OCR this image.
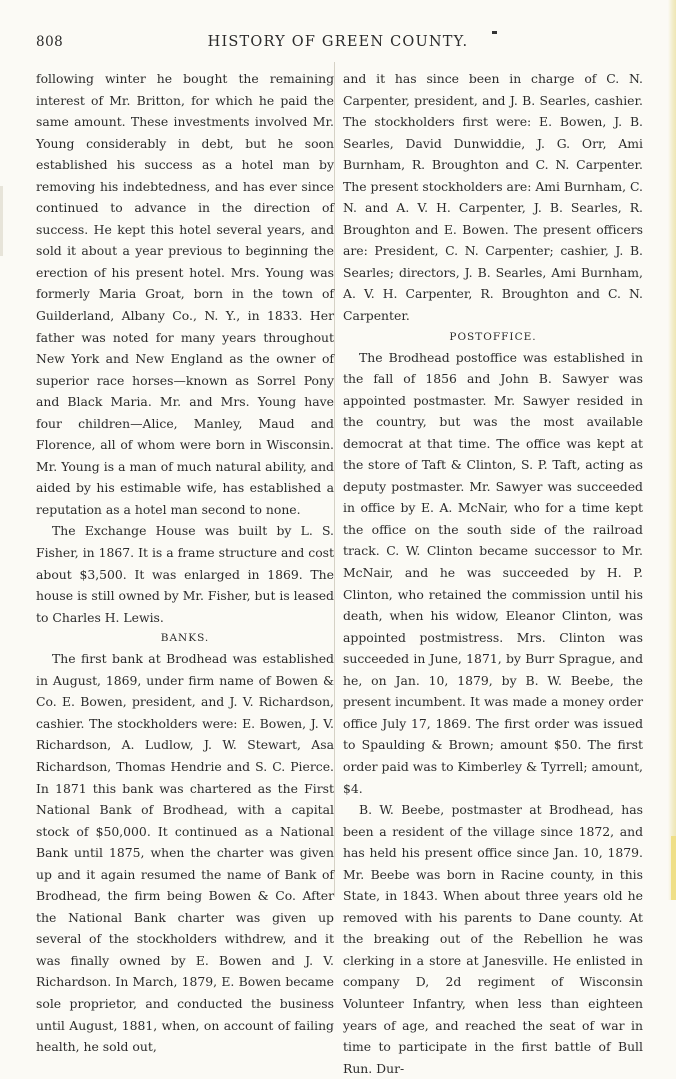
808	HISTORY OF GREEN COUNTY.

following winter he bought the remaining interest of Mr. Britton, for which he paid the same amount. These investments involved Mr. Young considerably in debt, but he soon established his success as a hotel man by removing his indebtedness, and has ever since continued to advance in the direction of success. He kept this hotel several years, and sold it about a year previous to beginning the erection of his present hotel. Mrs. Young was formerly Maria Groat, born in the town of Guilderland, Albany Co., N. Y., in 1833. Her father was noted for many years throughout New York and New England as the owner of superior race horses—known as Sorrel Pony and Black Maria. Mr. and Mrs. Young have four children—Alice, Manley, Maud and Florence, all of whom were born in Wisconsin. Mr. Young is a man of much natural ability, and aided by his estimable wife, has established a reputation as a hotel man second to none.

The Exchange House was built by L. S. Fisher, in 1867. It is a frame structure and cost about $3,500. It was enlarged in 1869. The house is still owned by Mr. Fisher, but is leased to Charles H. Lewis.

BANKS.

The first bank at Brodhead was established in August, 1869, under firm name of Bowen & Co. E. Bowen, president, and J. V. Richardson, cashier. The stockholders were: E. Bowen, J. V. Richardson, A. Ludlow, J. W. Stewart, Asa Richardson, Thomas Hendrie and S. C. Pierce. In 1871 this bank was chartered as the First National Bank of Brodhead, with a capital stock of $50,000. It continued as a National Bank until 1875, when the charter was given up and it again resumed the name of Bank of Brodhead, the firm being Bowen & Co. After the National Bank charter was given up several of the stockholders withdrew, and it was finally owned by E. Bowen and J. V. Richardson. In March, 1879, E. Bowen became sole proprietor, and conducted the business until August, 1881, when, on account of failing health, he sold out,

and it has since been in charge of C. N. Carpenter, president, and J. B. Searles, cashier. The stockholders first were: E. Bowen, J. B. Searles, David Dunwiddie, J. G. Orr, Ami Burnham, R. Broughton and C. N. Carpenter. The present stockholders are: Ami Burnham, C. N. and A. V. H. Carpenter, J. B. Searles, R. Broughton and E. Bowen. The present officers are: President, C. N. Carpenter; cashier, J. B. Searles; directors, J. B. Searles, Ami Burnham, A. V. H. Carpenter, R. Broughton and C. N. Carpenter.

POSTOFFICE.

The Brodhead postoffice was established in the fall of 1856 and John B. Sawyer was appointed postmaster. Mr. Sawyer resided in the country, but was the most available democrat at that time. The office was kept at the store of Taft & Clinton, S. P. Taft, acting as deputy postmaster. Mr. Sawyer was succeeded in office by E. A. McNair, who for a time kept the office on the south side of the railroad track. C. W. Clinton became successor to Mr. McNair, and he was succeeded by H. P. Clinton, who retained the commission until his death, when his widow, Eleanor Clinton, was appointed postmistress. Mrs. Clinton was succeeded in June, 1871, by Burr Sprague, and he, on Jan. 10, 1879, by B. W. Beebe, the present incumbent. It was made a money order office July 17, 1869. The first order was issued to Spaulding & Brown; amount $50. The first order paid was to Kimberley & Tyrrell; amount, $4.

B. W. Beebe, postmaster at Brodhead, has been a resident of the village since 1872, and has held his present office since Jan. 10, 1879. Mr. Beebe was born in Racine county, in this State, in 1843. When about three years old he removed with his parents to Dane county. At the breaking out of the Rebellion he was clerking in a store at Janesville. He enlisted in company D, 2d regiment of Wisconsin Volunteer Infantry, when less than eighteen years of age, and reached the seat of war in time to participate in the first battle of Bull Run. Dur-
